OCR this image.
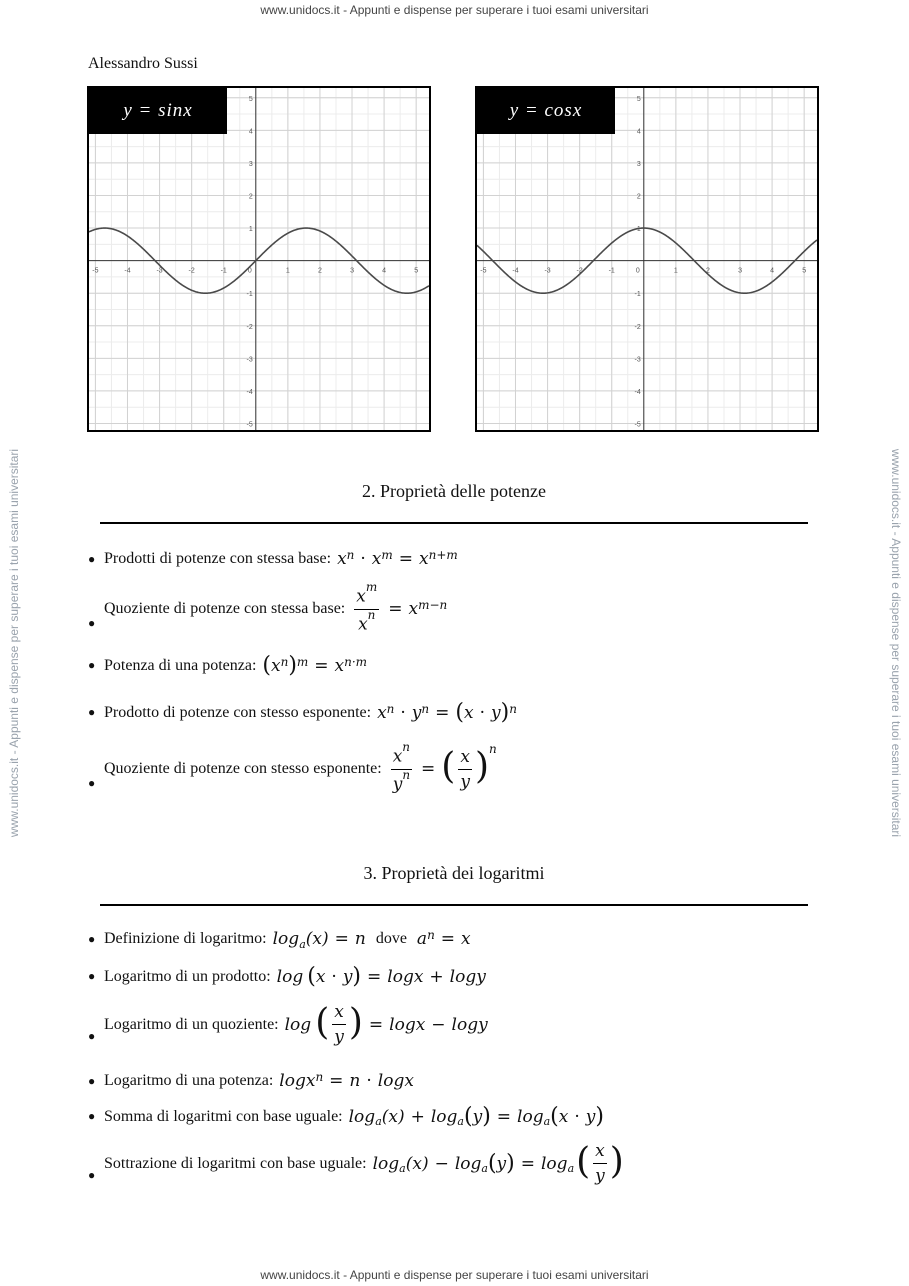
www.unidocs.it - Appunti e dispense per superare i tuoi esami universitari
www.unidocs.it - Appunti e dispense per superare i tuoi esami universitari	www.unidocs.it - Appunti e dispense per superare i tuoi esami universitari
Alessandro Sussi
-5	-4	-3	-2	-1	0	1	2	3	4	5
5
4
3
2
1
-1
-2
-3
-4
-5
y = sinx
-5	-4	-3	-2	-1	0	1	2	3	4	5
5
4
3
2
1
-1
-2
-3
-4
-5
y = cosx
2. Proprietà delle potenze
● Prodotti di potenze con stessa base: x n · x m = x n+m
●
Quoziente di potenze con stessa base: $\frac{x^m}{x^n} = x$ m−n
● Potenza di una potenza: ( x n ) m = x n·m
● Prodotto di potenze con stesso esponente: x n · y n = ( x · y ) n
●
Quoziente di potenze con stesso esponente: $\frac{x^n}{y^n}$ = ( $\frac{x}{y}$ ) n
3. Proprietà dei logaritmi
● Definizione di logaritmo: log a (x) = n dove a n = x
● Logaritmo di un prodotto: log ( x · y ) = logx + logy
●
Logaritmo di un quoziente: log ( $\frac{x}{y}$ ) = logx − logy
● Logaritmo di una potenza: logx n = n · logx
● Somma di logaritmi con base uguale: log a (x) + log a ( y ) = log a ( x · y )
●
Sottrazione di logaritmi con base uguale: log a (x) − log a ( y ) = log a ( $\frac{x}{y}$ )
www.unidocs.it - Appunti e dispense per superare i tuoi esami universitari
